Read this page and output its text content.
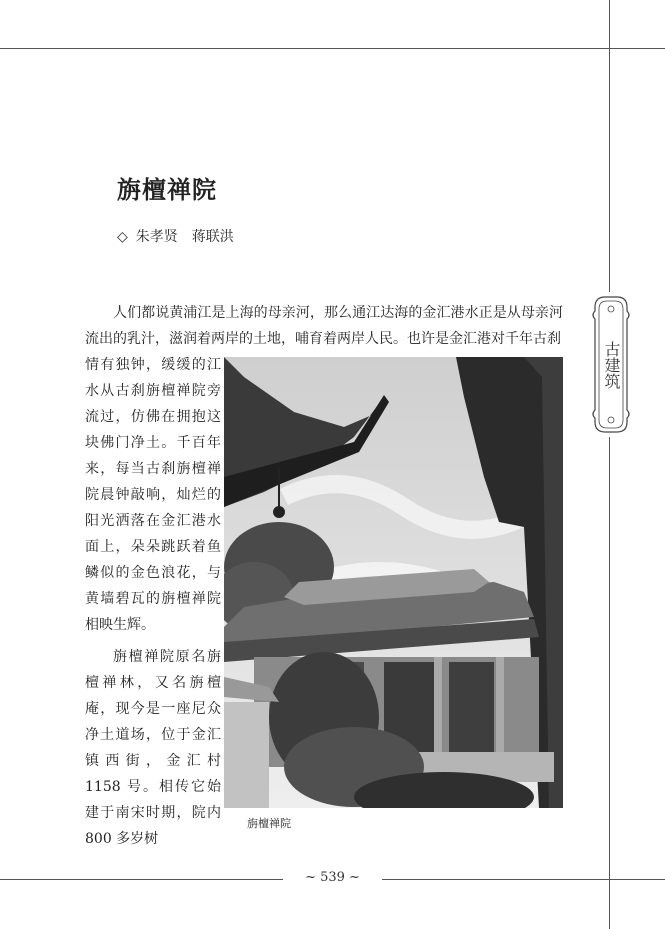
旃檀禅院
◇ 朱孝贤 蒋联洪
人们都说黄浦江是上海的母亲河，那么通江达海的金汇港水正是从母亲河流出的乳汁，滋润着两岸的土地，哺育着两岸人民。也许是金汇港对千年古刹

情有独钟，缓缓的江水从古刹旃檀禅院旁流过，仿佛在拥抱这块佛门净土。千百年来，每当古刹旃檀禅院晨钟敲响，灿烂的阳光洒落在金汇港水面上，朵朵跳跃着鱼鳞似的金色浪花，与黄墙碧瓦的旃檀禅院相映生辉。

旃檀禅院原名旃檀禅林，又名旃檀庵，现今是一座尼众净土道场，位于金汇镇西街，金汇村 1158 号。相传它始建于南宋时期，院内 800 多岁树

旃檀禅院
古建筑
~ 539 ~
